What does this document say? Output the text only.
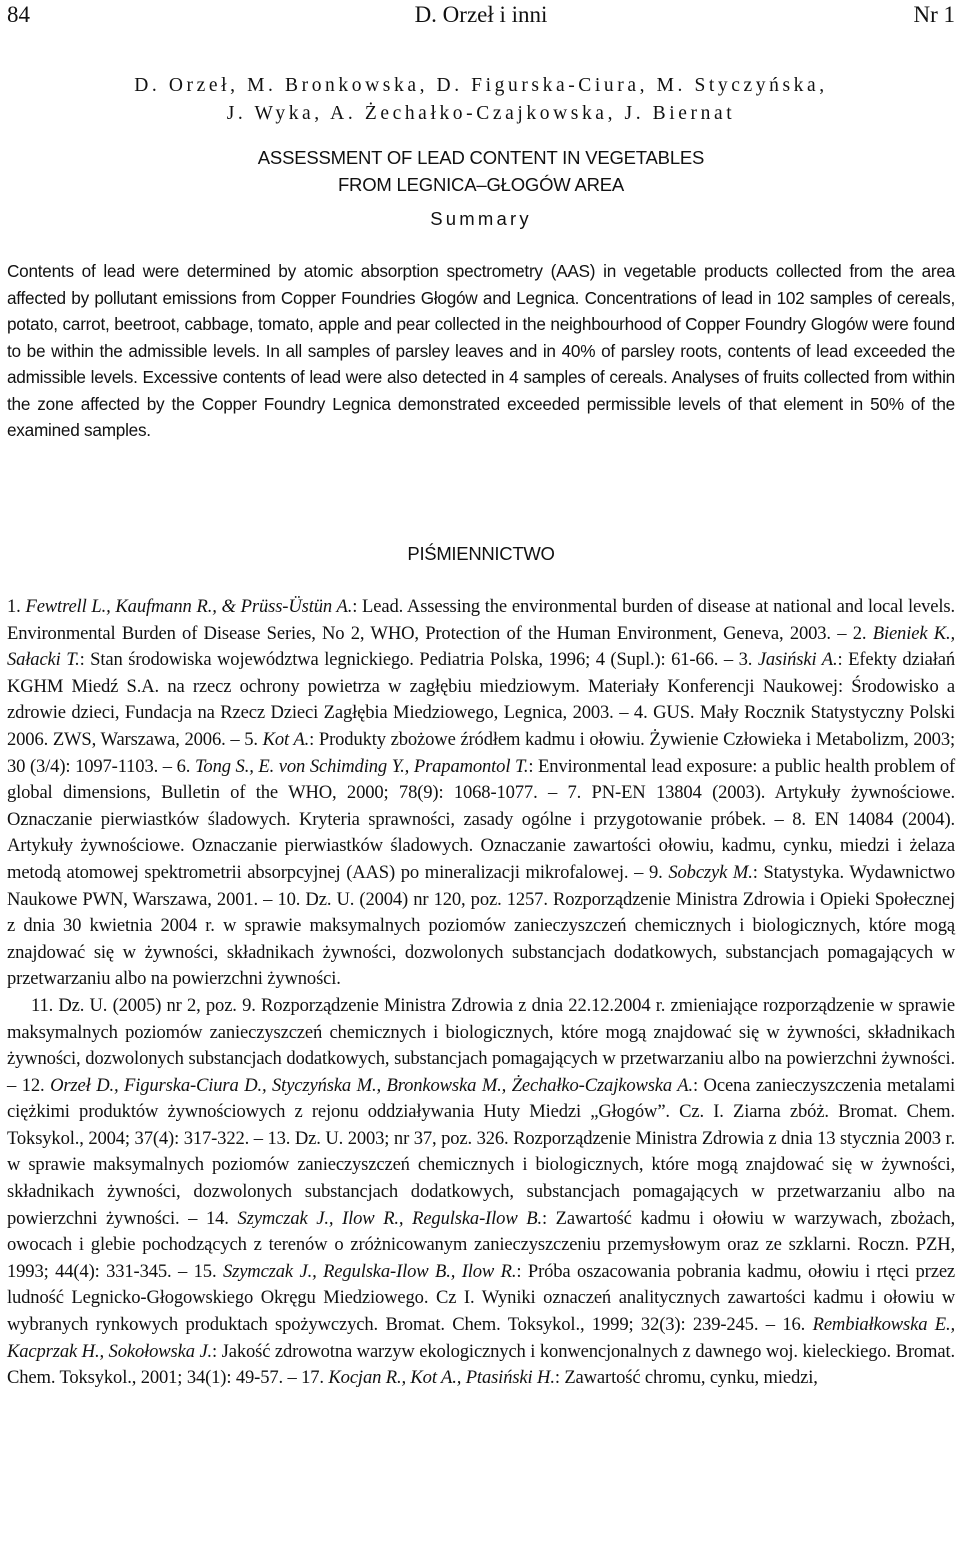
84	D. Orzeł i inni	Nr 1
D. Orzeł, M. Bronkowska, D. Figurska-Ciura, M. Styczyńska,
J. Wyka, A. Żechałko-Czajkowska, J. Biernat
ASSESSMENT OF LEAD CONTENT IN VEGETABLES
FROM LEGNICA–GŁOGÓW AREA
Summary

Contents of lead were determined by atomic absorption spectrometry (AAS) in vegetable products collected from the area affected by pollutant emissions from Copper Foundries Głogów and Legnica. Concentrations of lead in 102 samples of cereals, potato, carrot, beetroot, cabbage, tomato, apple and pear collected in the neighbourhood of Copper Foundry Glogów were found to be within the admissible levels. In all samples of parsley leaves and in 40% of parsley roots, contents of lead exceeded the admissible levels. Excessive contents of lead were also detected in 4 samples of cereals. Analyses of fruits collected from within the zone affected by the Copper Foundry Legnica demonstrated exceeded permissible levels of that element in 50% of the examined samples.

PIŚMIENNICTWO

1. Fewtrell L., Kaufmann R., & Prüss-Üstün A.: Lead. Assessing the environmental burden of disease at national and local levels. Environmental Burden of Disease Series, No 2, WHO, Protection of the Human Environment, Geneva, 2003. – 2. Bieniek K., Sałacki T.: Stan środowiska województwa legnickiego. Pediatria Polska, 1996; 4 (Supl.): 61-66. – 3. Jasiński A.: Efekty działań KGHM Miedź S.A. na rzecz ochrony powietrza w zagłębiu miedziowym. Materiały Konferencji Naukowej: Środowisko a zdrowie dzieci, Fundacja na Rzecz Dzieci Zagłębia Miedziowego, Legnica, 2003. – 4. GUS. Mały Rocznik Statystyczny Polski 2006. ZWS, Warszawa, 2006. – 5. Kot A.: Produkty zbożowe źródłem kadmu i ołowiu. Żywienie Człowieka i Metabolizm, 2003; 30 (3/4): 1097-1103. – 6. Tong S., E. von Schimding Y., Prapamontol T.: Environmental lead exposure: a public health problem of global dimensions, Bulletin of the WHO, 2000; 78(9): 1068-1077. – 7. PN-EN 13804 (2003). Artykuły żywnościowe. Oznaczanie pierwiastków śladowych. Kryteria sprawności, zasady ogólne i przygotowanie próbek. – 8. EN 14084 (2004). Artykuły żywnościowe. Oznaczanie pierwiastków śladowych. Oznaczanie zawartości ołowiu, kadmu, cynku, miedzi i żelaza metodą atomowej spektrometrii absorpcyjnej (AAS) po mineralizacji mikrofalowej. – 9. Sobczyk M.: Statystyka. Wydawnictwo Naukowe PWN, Warszawa, 2001. – 10. Dz. U. (2004) nr 120, poz. 1257. Rozporządzenie Ministra Zdrowia i Opieki Społecznej z dnia 30 kwietnia 2004 r. w sprawie maksymalnych poziomów zanieczyszczeń chemicznych i biologicznych, które mogą znajdować się w żywności, składnikach żywności, dozwolonych substancjach dodatkowych, substancjach pomagających w przetwarzaniu albo na powierzchni żywności.

11. Dz. U. (2005) nr 2, poz. 9. Rozporządzenie Ministra Zdrowia z dnia 22.12.2004 r. zmieniające rozporządzenie w sprawie maksymalnych poziomów zanieczyszczeń chemicznych i biologicznych, które mogą znajdować się w żywności, składnikach żywności, dozwolonych substancjach dodatkowych, substancjach pomagających w przetwarzaniu albo na powierzchni żywności. – 12. Orzeł D., Figurska-Ciura D., Styczyńska M., Bronkowska M., Żechałko-Czajkowska A.: Ocena zanieczyszczenia metalami ciężkimi produktów żywnościowych z rejonu oddziaływania Huty Miedzi „Głogów”. Cz. I. Ziarna zbóż. Bromat. Chem. Toksykol., 2004; 37(4): 317-322. – 13. Dz. U. 2003; nr 37, poz. 326. Rozporządzenie Ministra Zdrowia z dnia 13 stycznia 2003 r. w sprawie maksymalnych poziomów zanieczyszczeń chemicznych i biologicznych, które mogą znajdować się w żywności, składnikach żywności, dozwolonych substancjach dodatkowych, substancjach pomagających w przetwarzaniu albo na powierzchni żywności. – 14. Szymczak J., Ilow R., Regulska-Ilow B.: Zawartość kadmu i ołowiu w warzywach, zbożach, owocach i glebie pochodzących z terenów o zróżnicowanym zanieczyszczeniu przemysłowym oraz ze szklarni. Roczn. PZH, 1993; 44(4): 331-345. – 15. Szymczak J., Regulska-Ilow B., Ilow R.: Próba oszacowania pobrania kadmu, ołowiu i rtęci przez ludność Legnicko-Głogowskiego Okręgu Miedziowego. Cz I. Wyniki oznaczeń analitycznych zawartości kadmu i ołowiu w wybranych rynkowych produktach spożywczych. Bromat. Chem. Toksykol., 1999; 32(3): 239-245. – 16. Rembiałkowska E., Kacprzak H., Sokołowska J.: Jakość zdrowotna warzyw ekologicznych i konwencjonalnych z dawnego woj. kieleckiego. Bromat. Chem. Toksykol., 2001; 34(1): 49-57. – 17. Kocjan R., Kot A., Ptasiński H.: Zawartość chromu, cynku, miedzi,
